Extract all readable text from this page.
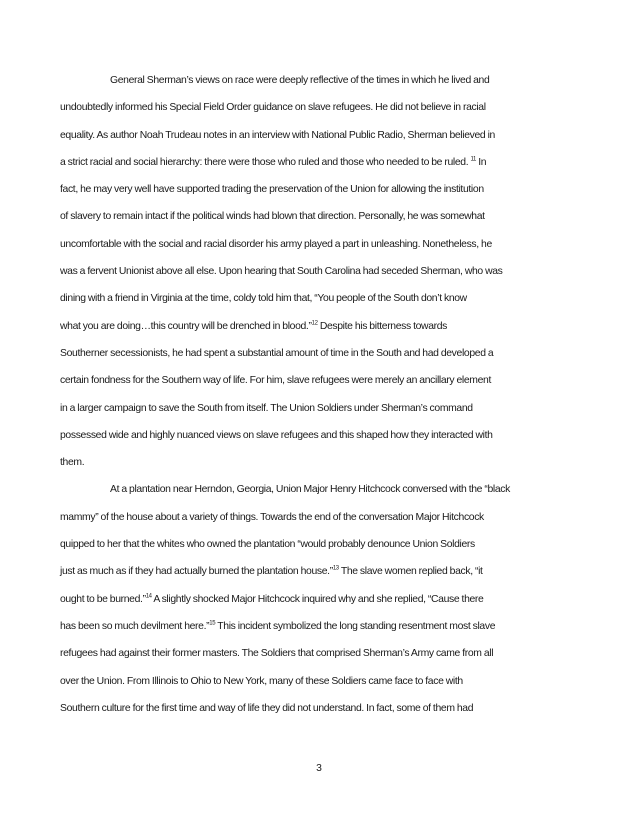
General Sherman’s views on race were deeply reflective of the times in which he lived and
undoubtedly informed his Special Field Order guidance on slave refugees. He did not believe in racial
equality. As author Noah Trudeau notes in an interview with National Public Radio, Sherman believed in
a strict racial and social hierarchy: there were those who ruled and those who needed to be ruled. $^{11}$ In
fact, he may very well have supported trading the preservation of the Union for allowing the institution
of slavery to remain intact if the political winds had blown that direction. Personally, he was somewhat
uncomfortable with the social and racial disorder his army played a part in unleashing. Nonetheless, he
was a fervent Unionist above all else. Upon hearing that South Carolina had seceded Sherman, who was
dining with a friend in Virginia at the time, coldy told him that, “You people of the South don’t know
what you are doing…this country will be drenched in blood.”$^{12}$ Despite his bitterness towards
Southerner secessionists, he had spent a substantial amount of time in the South and had developed a
certain fondness for the Southern way of life. For him, slave refugees were merely an ancillary element
in a larger campaign to save the South from itself. The Union Soldiers under Sherman’s command
possessed wide and highly nuanced views on slave refugees and this shaped how they interacted with
them.
At a plantation near Herndon, Georgia, Union Major Henry Hitchcock conversed with the “black
mammy” of the house about a variety of things. Towards the end of the conversation Major Hitchcock
quipped to her that the whites who owned the plantation “would probably denounce Union Soldiers
just as much as if they had actually burned the plantation house.”$^{13}$ The slave women replied back, “it
ought to be burned.”$^{14}$ A slightly shocked Major Hitchcock inquired why and she replied, “Cause there
has been so much devilment here.”$^{15}$ This incident symbolized the long standing resentment most slave
refugees had against their former masters. The Soldiers that comprised Sherman’s Army came from all
over the Union. From Illinois to Ohio to New York, many of these Soldiers came face to face with
Southern culture for the first time and way of life they did not understand. In fact, some of them had
3
